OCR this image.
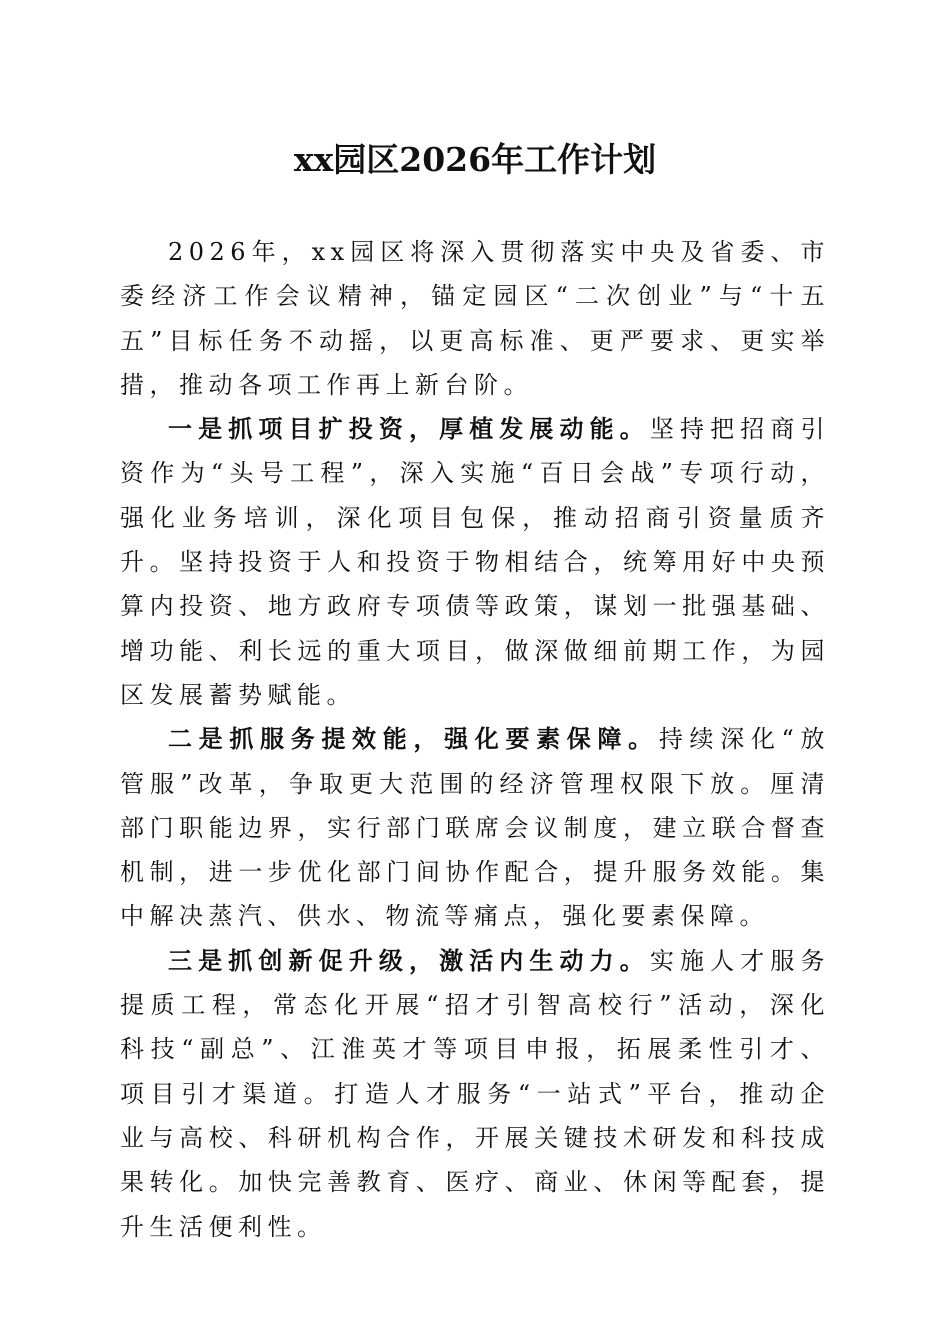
xx园区2026年工作计划

2026年，xx园区将深入贯彻落实中央及省委、市委经济工作会议精神，锚定园区“二次创业”与“十五五”目标任务不动摇，以更高标准、更严要求、更实举措，推动各项工作再上新台阶。

一是抓项目扩投资，厚植发展动能。坚持把招商引资作为“头号工程”，深入实施“百日会战”专项行动，强化业务培训，深化项目包保，推动招商引资量质齐升。坚持投资于人和投资于物相结合，统筹用好中央预算内投资、地方政府专项债等政策，谋划一批强基础、增功能、利长远的重大项目，做深做细前期工作，为园区发展蓄势赋能。

二是抓服务提效能，强化要素保障。持续深化“放管服”改革，争取更大范围的经济管理权限下放。厘清部门职能边界，实行部门联席会议制度，建立联合督查机制，进一步优化部门间协作配合，提升服务效能。集中解决蒸汽、供水、物流等痛点，强化要素保障。

三是抓创新促升级，激活内生动力。实施人才服务提质工程，常态化开展“招才引智高校行”活动，深化科技“副总”、江淮英才等项目申报，拓展柔性引才、项目引才渠道。打造人才服务“一站式”平台，推动企业与高校、科研机构合作，开展关键技术研发和科技成果转化。加快完善教育、医疗、商业、休闲等配套，提升生活便利性。
